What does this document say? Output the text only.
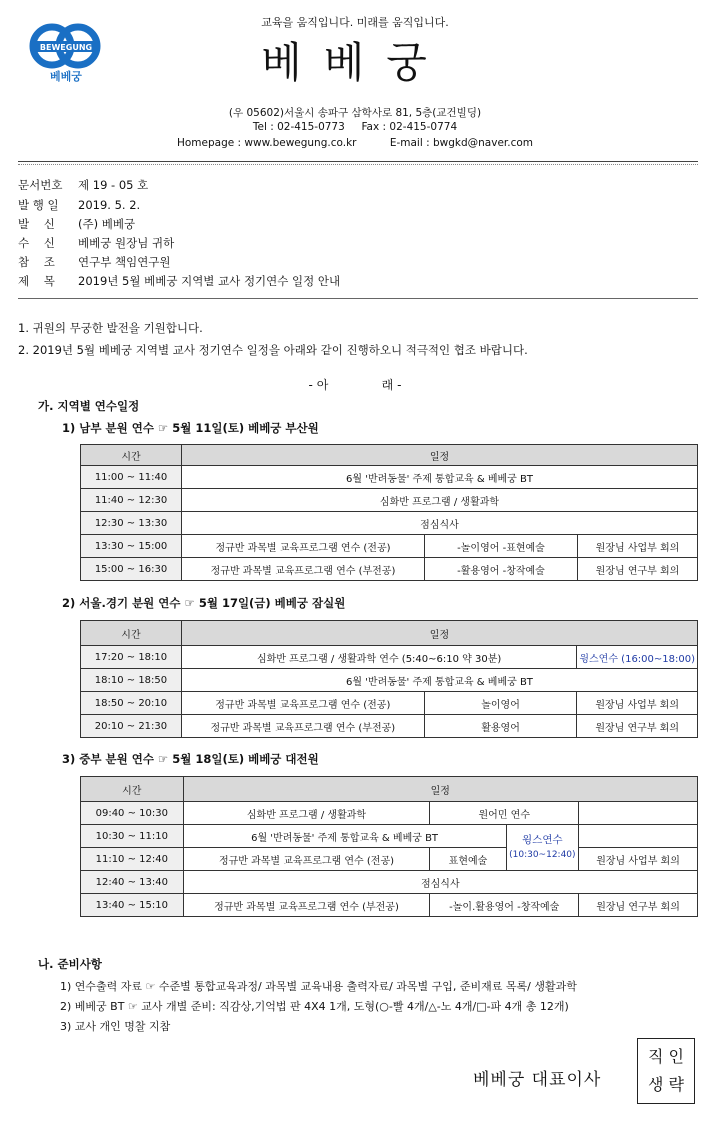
BEWEGUNG
베베궁
교육을 움직입니다. 미래를 움직입니다.
베베궁
(우 05602)서울시 송파구 삼학사로 81, 5층(교건빌딩)
Tel : 02-415-0773     Fax : 02-415-0774
Homepage : www.bewegung.co.kr          E-mail : bwgkd@naver.com
문서번호 제 19 - 05 호
발 행 일 2019. 5. 2.
발    신 (주) 베베궁
수    신 베베궁 원장님 귀하
참    조 연구부 책임연구원
제    목 2019년 5월 베베궁 지역별 교사 정기연수 일정 안내
1. 귀원의 무궁한 발전을 기원합니다.
2. 2019년 5월 베베궁 지역별 교사 정기연수 일정을 아래와 같이 진행하오니 적극적인 협조 바랍니다.
- 아              래 -
가. 지역별 연수일정
1) 남부 분원 연수 ☞ 5월 11일(토) 베베궁 부산원
시간	일정		
11:00 ~ 11:40	6월 '반려동물' 주제 통합교육 & 베베궁 BT		
11:40 ~ 12:30	심화반 프로그램 / 생활과학		
12:30 ~ 13:30	점심식사		
13:30 ~ 15:00	정규반 과목별 교육프로그램 연수 (전공)	-놀이영어 -표현예술	원장님 사업부 회의
15:00 ~ 16:30	정규반 과목별 교육프로그램 연수 (부전공)	-활용영어 -창작예술	원장님 연구부 회의
2) 서울.경기 분원 연수 ☞ 5월 17일(금) 베베궁 잠실원
시간	일정		
17:20 ~ 18:10	심화반 프로그램 / 생활과학 연수 (5:40~6:10 약 30분)		윙스연수 (16:00~18:00)
18:10 ~ 18:50	6월 '반려동물' 주제 통합교육 & 베베궁 BT		
18:50 ~ 20:10	정규반 과목별 교육프로그램 연수 (전공)	놀이영어	원장님 사업부 회의
20:10 ~ 21:30	정규반 과목별 교육프로그램 연수 (부전공)	활용영어	원장님 연구부 회의
3) 중부 분원 연수 ☞ 5월 18일(토) 베베궁 대전원
시간	일정			
09:40 ~ 10:30	심화반 프로그램 / 생활과학	원어민 연수		
10:30 ~ 11:10	6월 '반려동물' 주제 통합교육 & 베베궁 BT		윙스연수
(10:30~12:40)	

11:10 ~ 12:40	정규반 과목별 교육프로그램 연수 (전공)	표현예술		원장님 사업부 회의
12:40 ~ 13:40	점심식사			
13:40 ~ 15:10	정규반 과목별 교육프로그램 연수 (부전공)	-놀이.활용영어 -창작예술		원장님 연구부 회의
나. 준비사항
1) 연수출력 자료 ☞ 수준별 통합교육과정/ 과목별 교육내용 출력자료/ 과목별 구입, 준비재료 목록/ 생활과학
2) 베베궁 BT ☞ 교사 개별 준비: 직감상,기억법 판 4X4 1개, 도형(○-빨 4개/△-노 4개/□-파 4개 총 12개)
3) 교사 개인 명찰 지참
베베궁 대표이사
직 인
생 략
